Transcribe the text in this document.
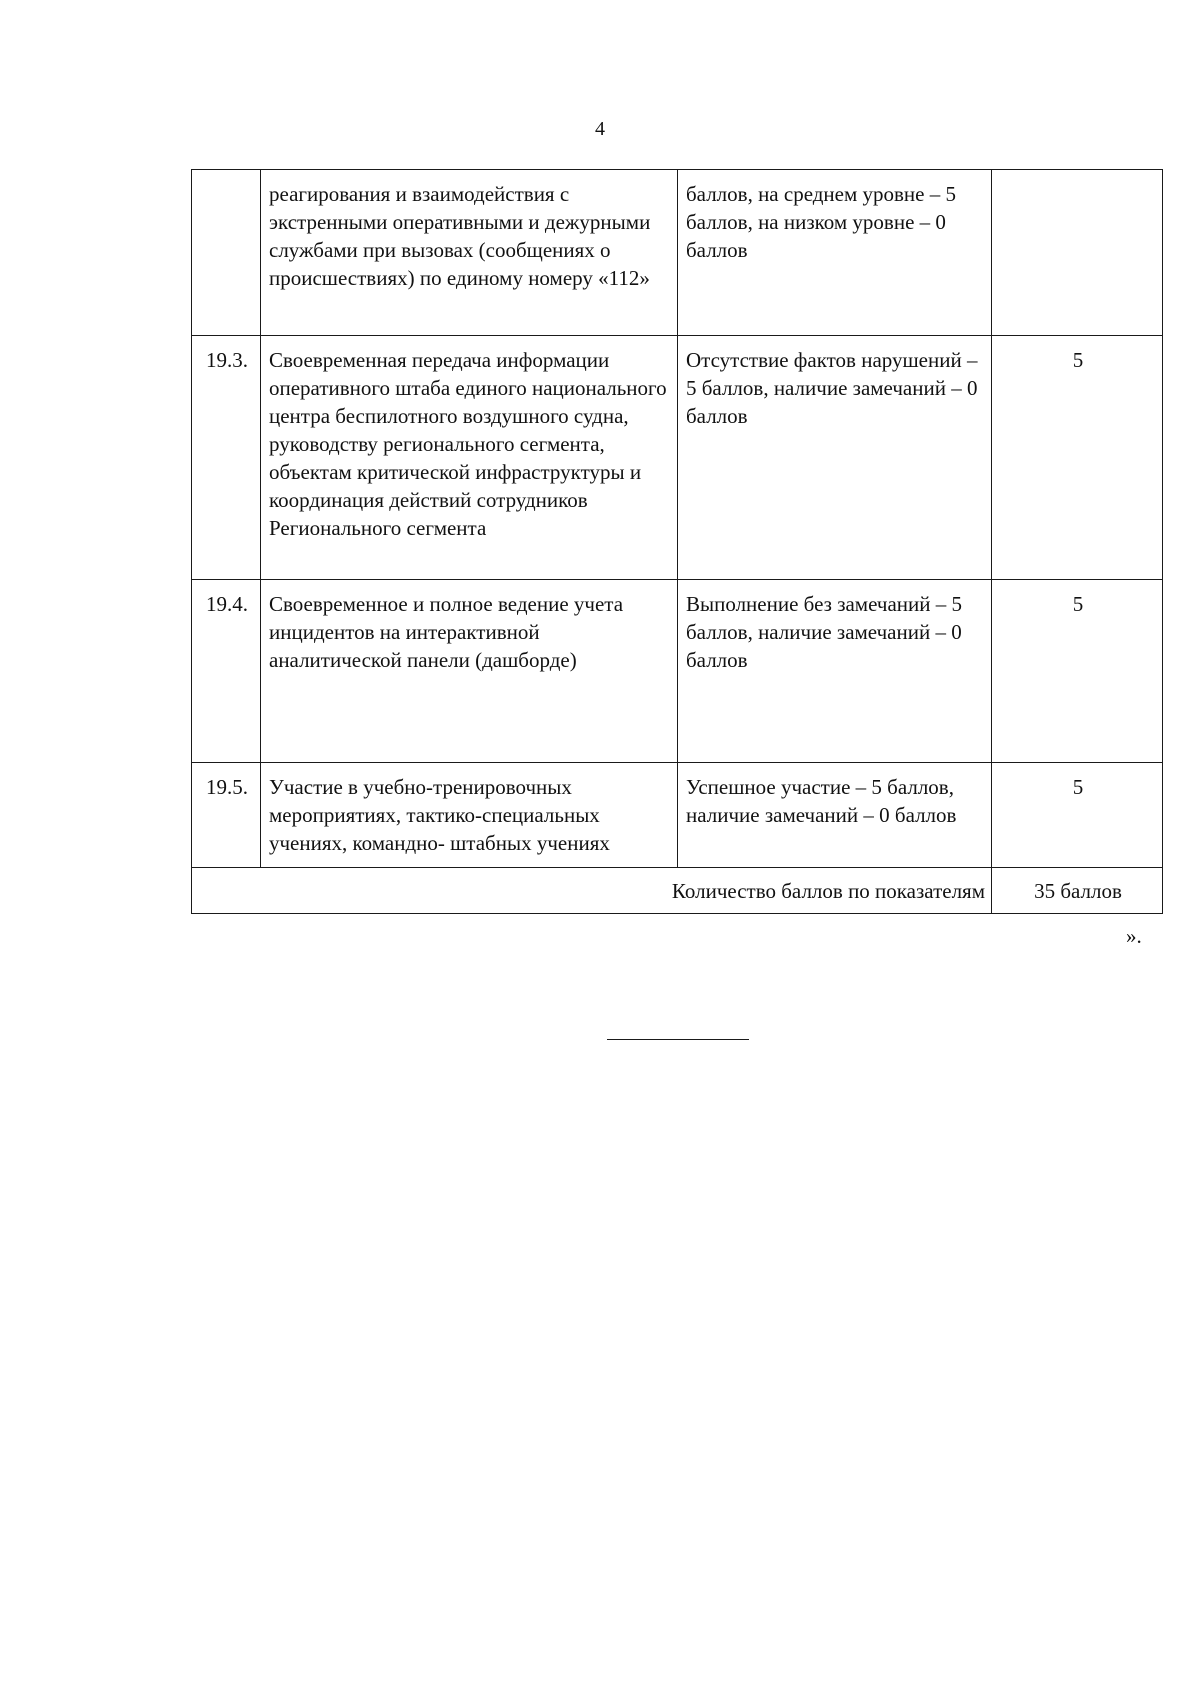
4
	реагирования и взаимодействия с экстренными оперативными и дежурными службами при вызовах (сообщениях о происшествиях) по единому номеру «112»	баллов, на среднем уровне – 5 баллов, на низком уровне – 0 баллов	
19.3.	Своевременная передача информации оперативного штаба единого национального центра беспилотного воздушного судна, руководству регионального сегмента, объектам критической инфраструктуры и координация действий сотрудников Регионального сегмента	Отсутствие фактов нарушений – 5 баллов, наличие замечаний – 0 баллов	5
19.4.	Своевременное и полное ведение учета инцидентов на интерактивной аналитической панели (дашборде)	Выполнение без замечаний – 5 баллов, наличие замечаний – 0 баллов	5
19.5.	Участие в учебно-тренировочных мероприятиях, тактико-специальных учениях, командно- штабных учениях	Успешное участие – 5 баллов, наличие замечаний – 0 баллов	5
Количество баллов по показателям			35 баллов
».
